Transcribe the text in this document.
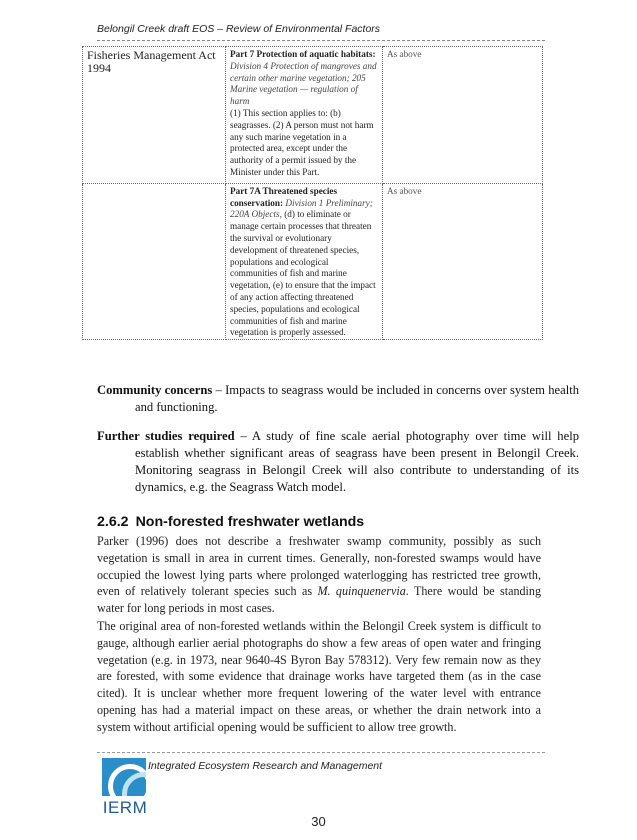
Belongil Creek draft EOS – Review of Environmental Factors
Fisheries Management Act 1994	Part 7 Protection of aquatic habitats: Division 4 Protection of mangroves and certain other marine vegetation; 205 Marine vegetation — regulation of harm
(1) This section applies to: (b) seagrasses. (2) A person must not harm any such marine vegetation in a protected area, except under the authority of a permit issued by the Minister under this Part.	As above
	Part 7A Threatened species conservation: Division 1 Preliminary; 220A Objects, (d) to eliminate or manage certain processes that threaten the survival or evolutionary development of threatened species, populations and ecological communities of fish and marine vegetation, (e) to ensure that the impact of any action affecting threatened species, populations and ecological communities of fish and marine vegetation is properly assessed.	As above
Community concerns – Impacts to seagrass would be included in concerns over system health and functioning.
Further studies required – A study of fine scale aerial photography over time will help establish whether significant areas of seagrass have been present in Belongil Creek. Monitoring seagrass in Belongil Creek will also contribute to understanding of its dynamics, e.g. the Seagrass Watch model.
2.6.2 Non-forested freshwater wetlands
Parker (1996) does not describe a freshwater swamp community, possibly as such vegetation is small in area in current times. Generally, non-forested swamps would have occupied the lowest lying parts where prolonged waterlogging has restricted tree growth, even of relatively tolerant species such as M. quinquenervia. There would be standing water for long periods in most cases.
The original area of non-forested wetlands within the Belongil Creek system is difficult to gauge, although earlier aerial photographs do show a few areas of open water and fringing vegetation (e.g. in 1973, near 9640-4S Byron Bay 578312). Very few remain now as they are forested, with some evidence that drainage works have targeted them (as in the case cited). It is unclear whether more frequent lowering of the water level with entrance opening has had a material impact on these areas, or whether the drain network into a system without artificial opening would be sufficient to allow tree growth.
IERM
Integrated Ecosystem Research and Management
30
